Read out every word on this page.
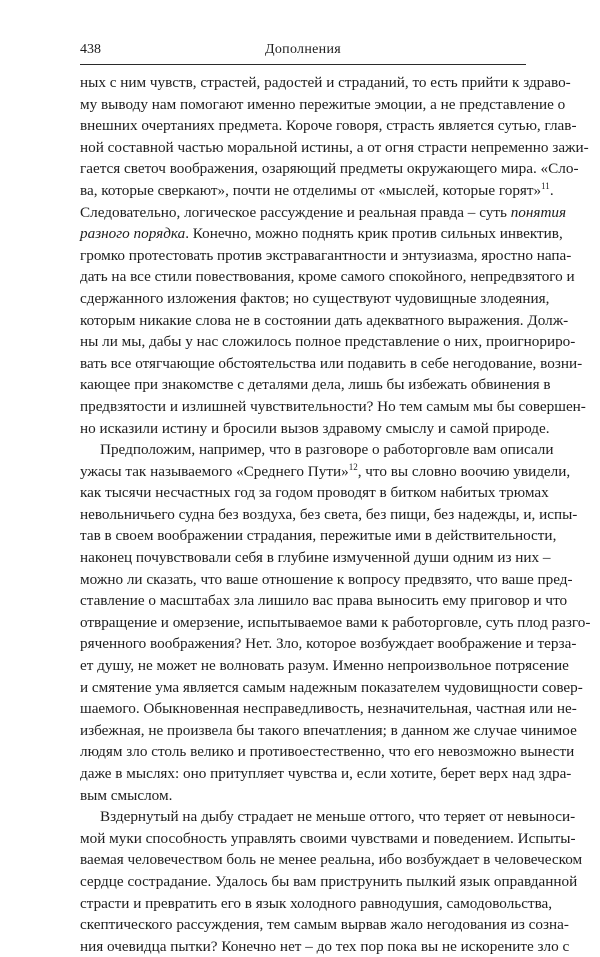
438	Дополнения
ных с ним чувств, страстей, радостей и страданий, то есть прийти к здраво-
му выводу нам помогают именно пережитые эмоции, а не представление о
внешних очертаниях предмета. Короче говоря, страсть является сутью, глав-
ной составной частью моральной истины, а от огня страсти непременно зажи-
гается светоч воображения, озаряющий предметы окружающего мира. «Сло-
ва, которые сверкают», почти не отделимы от «мыслей, которые горят»$^{11}$.
Следовательно, логическое рассуждение и реальная правда – суть понятия
разного порядка. Конечно, можно поднять крик против сильных инвектив,
громко протестовать против экстравагантности и энтузиазма, яростно напа-
дать на все стили повествования, кроме самого спокойного, непредвзятого и
сдержанного изложения фактов; но существуют чудовищные злодеяния,
которым никакие слова не в состоянии дать адекватного выражения. Долж-
ны ли мы, дабы у нас сложилось полное представление о них, проигнориро-
вать все отягчающие обстоятельства или подавить в себе негодование, возни-
кающее при знакомстве с деталями дела, лишь бы избежать обвинения в
предвзятости и излишней чувствительности? Но тем самым мы бы совершен-
но исказили истину и бросили вызов здравому смыслу и самой природе.
Предположим, например, что в разговоре о работорговле вам описали
ужасы так называемого «Среднего Пути»$^{12}$, что вы словно воочию увидели,
как тысячи несчастных год за годом проводят в битком набитых трюмах
невольничьего судна без воздуха, без света, без пищи, без надежды, и, испы-
тав в своем воображении страдания, пережитые ими в действительности,
наконец почувствовали себя в глубине измученной души одним из них –
можно ли сказать, что ваше отношение к вопросу предвзято, что ваше пред-
ставление о масштабах зла лишило вас права выносить ему приговор и что
отвращение и омерзение, испытываемое вами к работорговле, суть плод разго-
ряченного воображения? Нет. Зло, которое возбуждает воображение и терза-
ет душу, не может не волновать разум. Именно непроизвольное потрясение
и смятение ума является самым надежным показателем чудовищности совер-
шаемого. Обыкновенная несправедливость, незначительная, частная или не-
избежная, не произвела бы такого впечатления; в данном же случае чинимое
людям зло столь велико и противоестественно, что его невозможно вынести
даже в мыслях: оно притупляет чувства и, если хотите, берет верх над здра-
вым смыслом.
Вздернутый на дыбу страдает не меньше оттого, что теряет от невыноси-
мой муки способность управлять своими чувствами и поведением. Испыты-
ваемая человечеством боль не менее реальна, ибо возбуждает в человеческом
сердце сострадание. Удалось бы вам приструнить пылкий язык оправданной
страсти и превратить его в язык холодного равнодушия, самодовольства,
скептического рассуждения, тем самым вырвав жало негодования из созна-
ния очевидца пытки? Конечно нет – до тех пор пока вы не искорените зло с
